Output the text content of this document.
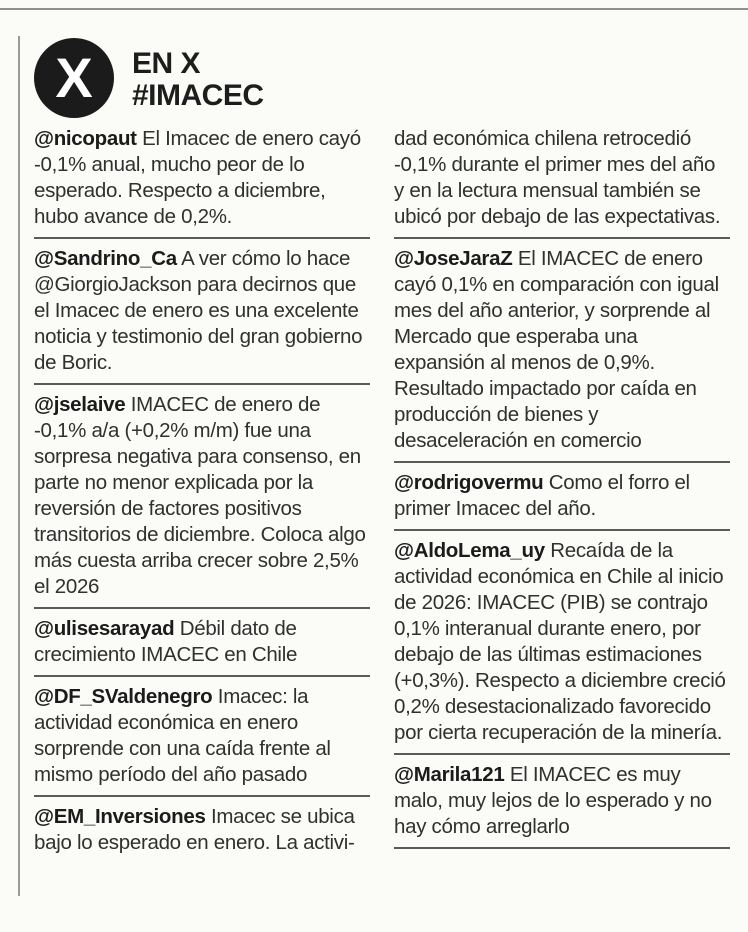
X	EN X
#IMACEC
@nicopaut El Imacec de enero cayó -0,1% anual, mucho peor de lo esperado. Respecto a diciembre, hubo avance de 0,2%.
@Sandrino_Ca A ver cómo lo hace @GiorgioJackson para decirnos que el Imacec de enero es una excelente noticia y testimonio del gran gobierno de Boric.
@jselaive IMACEC de enero de -0,1% a/a (+0,2% m/m) fue una sorpresa negativa para consenso, en parte no menor explicada por la reversión de factores positivos transitorios de diciembre. Coloca algo más cuesta arriba crecer sobre 2,5% el 2026
@ulisesarayad Débil dato de crecimiento IMACEC en Chile
@DF_SValdenegro Imacec: la actividad económica en enero sorprende con una caída frente al mismo período del año pasado
@EM_Inversiones Imacec se ubica bajo lo esperado en enero. La activi-
dad económica chilena retrocedió -0,1% durante el primer mes del año y en la lectura mensual también se ubicó por debajo de las expectativas.
@JoseJaraZ El IMACEC de enero cayó 0,1% en comparación con igual mes del año anterior, y sorprende al Mercado que esperaba una expansión al menos de 0,9%. Resultado impactado por caída en producción de bienes y desaceleración en comercio
@rodrigovermu Como el forro el primer Imacec del año.
@AldoLema_uy Recaída de la actividad económica en Chile al inicio de 2026: IMACEC (PIB) se contrajo 0,1% interanual durante enero, por debajo de las últimas estimaciones (+0,3%). Respecto a diciembre creció 0,2% desestacionalizado favorecido por cierta recuperación de la minería.
@Marila121 El IMACEC es muy malo, muy lejos de lo esperado y no hay cómo arreglarlo
